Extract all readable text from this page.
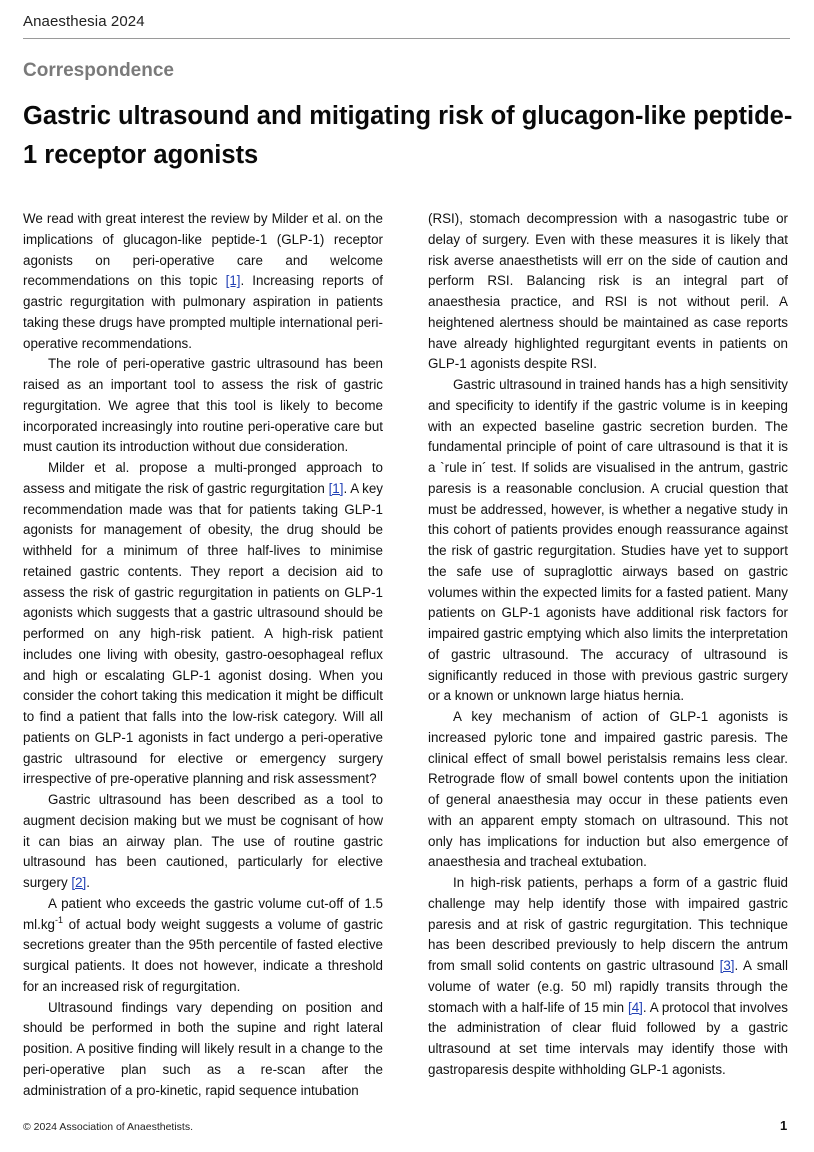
Anaesthesia 2024
Correspondence
Gastric ultrasound and mitigating risk of glucagon-like peptide-1 receptor agonists

We read with great interest the review by Milder et al. on the implications of glucagon-like peptide-1 (GLP-1) receptor agonists on peri-operative care and welcome recommendations on this topic [1]. Increasing reports of gastric regurgitation with pulmonary aspiration in patients taking these drugs have prompted multiple international peri-operative recommendations.

The role of peri-operative gastric ultrasound has been raised as an important tool to assess the risk of gastric regurgitation. We agree that this tool is likely to become incorporated increasingly into routine peri-operative care but must caution its introduction without due consideration.

Milder et al. propose a multi-pronged approach to assess and mitigate the risk of gastric regurgitation [1]. A key recommendation made was that for patients taking GLP-1 agonists for management of obesity, the drug should be withheld for a minimum of three half-lives to minimise retained gastric contents. They report a decision aid to assess the risk of gastric regurgitation in patients on GLP-1 agonists which suggests that a gastric ultrasound should be performed on any high-risk patient. A high-risk patient includes one living with obesity, gastro-oesophageal reflux and high or escalating GLP-1 agonist dosing. When you consider the cohort taking this medication it might be difficult to find a patient that falls into the low-risk category. Will all patients on GLP-1 agonists in fact undergo a peri-operative gastric ultrasound for elective or emergency surgery irrespective of pre-operative planning and risk assessment?

Gastric ultrasound has been described as a tool to augment decision making but we must be cognisant of how it can bias an airway plan. The use of routine gastric ultrasound has been cautioned, particularly for elective surgery [2].

A patient who exceeds the gastric volume cut-off of 1.5 $ml.kg^{-1}$ of actual body weight suggests a volume of gastric secretions greater than the 95th percentile of fasted elective surgical patients. It does not however, indicate a threshold for an increased risk of regurgitation.

Ultrasound findings vary depending on position and should be performed in both the supine and right lateral position. A positive finding will likely result in a change to the peri-operative plan such as a re-scan after the administration of a pro-kinetic, rapid sequence intubation

(RSI), stomach decompression with a nasogastric tube or delay of surgery. Even with these measures it is likely that risk averse anaesthetists will err on the side of caution and perform RSI. Balancing risk is an integral part of anaesthesia practice, and RSI is not without peril. A heightened alertness should be maintained as case reports have already highlighted regurgitant events in patients on GLP-1 agonists despite RSI.

Gastric ultrasound in trained hands has a high sensitivity and specificity to identify if the gastric volume is in keeping with an expected baseline gastric secretion burden. The fundamental principle of point of care ultrasound is that it is a `rule in´ test. If solids are visualised in the antrum, gastric paresis is a reasonable conclusion. A crucial question that must be addressed, however, is whether a negative study in this cohort of patients provides enough reassurance against the risk of gastric regurgitation. Studies have yet to support the safe use of supraglottic airways based on gastric volumes within the expected limits for a fasted patient. Many patients on GLP-1 agonists have additional risk factors for impaired gastric emptying which also limits the interpretation of gastric ultrasound. The accuracy of ultrasound is significantly reduced in those with previous gastric surgery or a known or unknown large hiatus hernia.

A key mechanism of action of GLP-1 agonists is increased pyloric tone and impaired gastric paresis. The clinical effect of small bowel peristalsis remains less clear. Retrograde flow of small bowel contents upon the initiation of general anaesthesia may occur in these patients even with an apparent empty stomach on ultrasound. This not only has implications for induction but also emergence of anaesthesia and tracheal extubation.

In high-risk patients, perhaps a form of a gastric fluid challenge may help identify those with impaired gastric paresis and at risk of gastric regurgitation. This technique has been described previously to help discern the antrum from small solid contents on gastric ultrasound [3]. A small volume of water (e.g. 50 ml) rapidly transits through the stomach with a half-life of 15 min [4]. A protocol that involves the administration of clear fluid followed by a gastric ultrasound at set time intervals may identify those with gastroparesis despite withholding GLP-1 agonists.

© 2024 Association of Anaesthetists.	1
